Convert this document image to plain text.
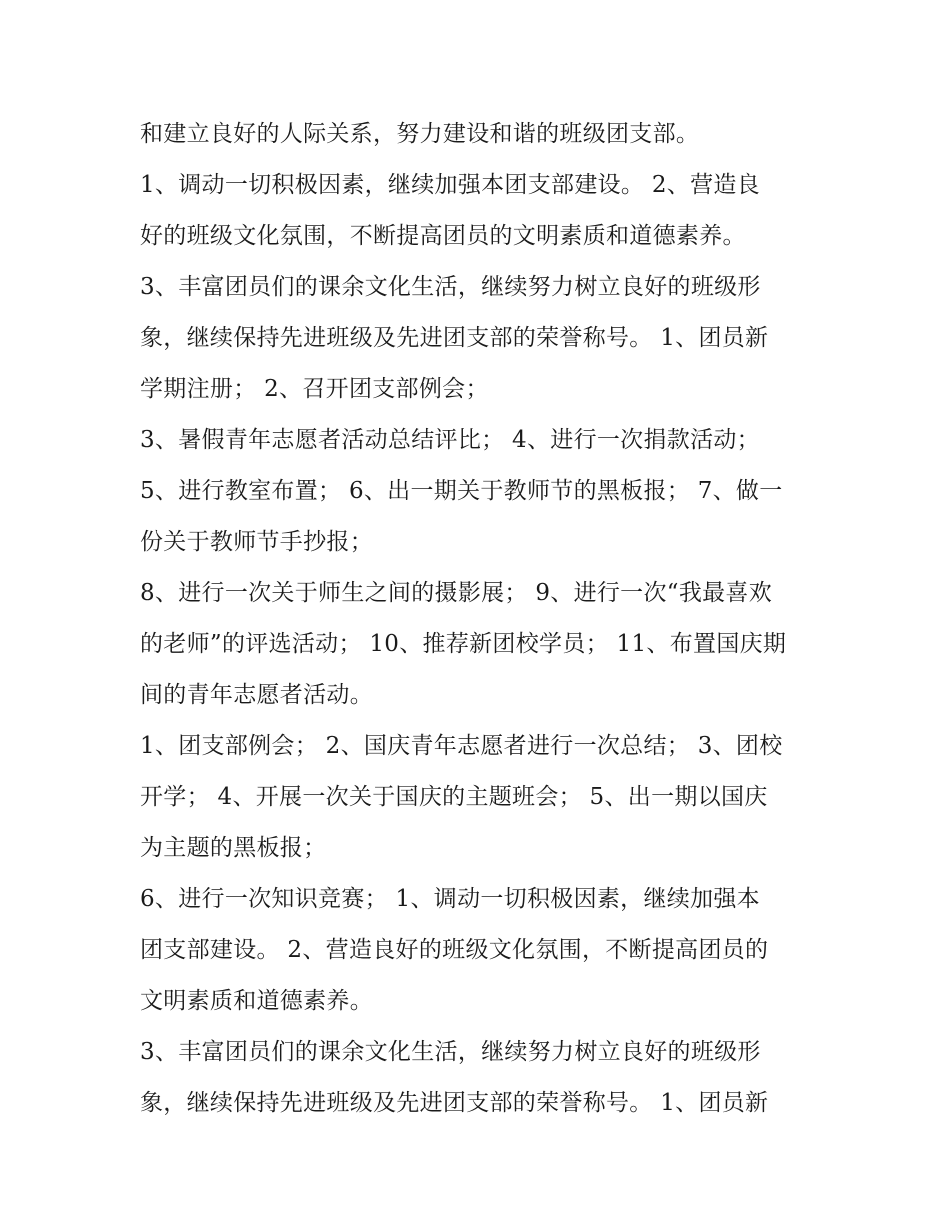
和建立良好的人际关系，努力建设和谐的班级团支部。
1、调动一切积极因素，继续加强本团支部建设。 2、营造良
好的班级文化氛围，不断提高团员的文明素质和道德素养。
3、丰富团员们的课余文化生活，继续努力树立良好的班级形
象，继续保持先进班级及先进团支部的荣誉称号。 1、团员新
学期注册； 2、召开团支部例会；
3、暑假青年志愿者活动总结评比； 4、进行一次捐款活动；
5、进行教室布置； 6、出一期关于教师节的黑板报； 7、做一
份关于教师节手抄报；
8、进行一次关于师生之间的摄影展； 9、进行一次“我最喜欢
的老师”的评选活动； 10、推荐新团校学员； 11、布置国庆期
间的青年志愿者活动。
1、团支部例会； 2、国庆青年志愿者进行一次总结； 3、团校
开学； 4、开展一次关于国庆的主题班会； 5、出一期以国庆
为主题的黑板报；
6、进行一次知识竞赛； 1、调动一切积极因素，继续加强本
团支部建设。 2、营造良好的班级文化氛围，不断提高团员的
文明素质和道德素养。
3、丰富团员们的课余文化生活，继续努力树立良好的班级形
象，继续保持先进班级及先进团支部的荣誉称号。 1、团员新
